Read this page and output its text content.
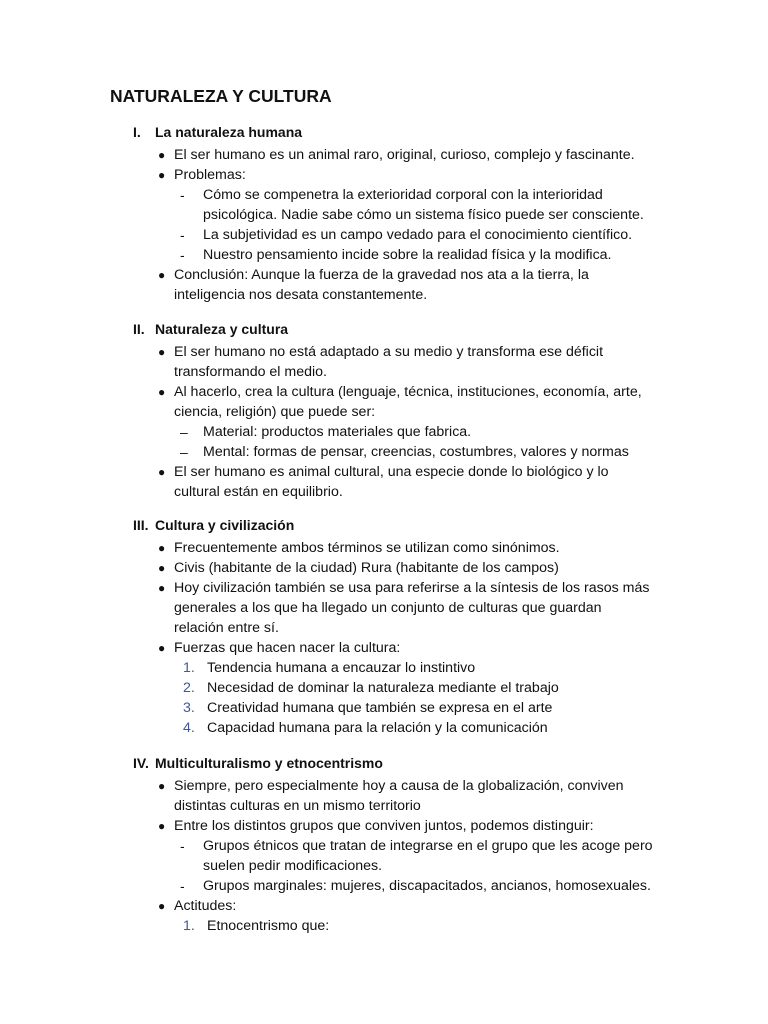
NATURALEZA Y CULTURA
I. La naturaleza humana
● El ser humano es un animal raro, original, curioso, complejo y fascinante.
● Problemas:
- Cómo se compenetra la exterioridad corporal con la interioridad
psicológica. Nadie sabe cómo un sistema físico puede ser consciente.
- La subjetividad es un campo vedado para el conocimiento científico.
- Nuestro pensamiento incide sobre la realidad física y la modifica.
● Conclusión: Aunque la fuerza de la gravedad nos ata a la tierra, la
inteligencia nos desata constantemente.
II. Naturaleza y cultura
● El ser humano no está adaptado a su medio y transforma ese déficit
transformando el medio.
● Al hacerlo, crea la cultura (lenguaje, técnica, instituciones, economía, arte,
ciencia, religión) que puede ser:
– Material: productos materiales que fabrica.
– Mental: formas de pensar, creencias, costumbres, valores y normas
● El ser humano es animal cultural, una especie donde lo biológico y lo
cultural están en equilibrio.
III. Cultura y civilización
● Frecuentemente ambos términos se utilizan como sinónimos.
● Civis (habitante de la ciudad) Rura (habitante de los campos)
● Hoy civilización también se usa para referirse a la síntesis de los rasos más
generales a los que ha llegado un conjunto de culturas que guardan
relación entre sí.
● Fuerzas que hacen nacer la cultura:
1. Tendencia humana a encauzar lo instintivo
2. Necesidad de dominar la naturaleza mediante el trabajo
3. Creatividad humana que también se expresa en el arte
4. Capacidad humana para la relación y la comunicación
IV. Multiculturalismo y etnocentrismo
● Siempre, pero especialmente hoy a causa de la globalización, conviven
distintas culturas en un mismo territorio
● Entre los distintos grupos que conviven juntos, podemos distinguir:
- Grupos étnicos que tratan de integrarse en el grupo que les acoge pero
suelen pedir modificaciones.
- Grupos marginales: mujeres, discapacitados, ancianos, homosexuales.
● Actitudes:
1. Etnocentrismo que:
